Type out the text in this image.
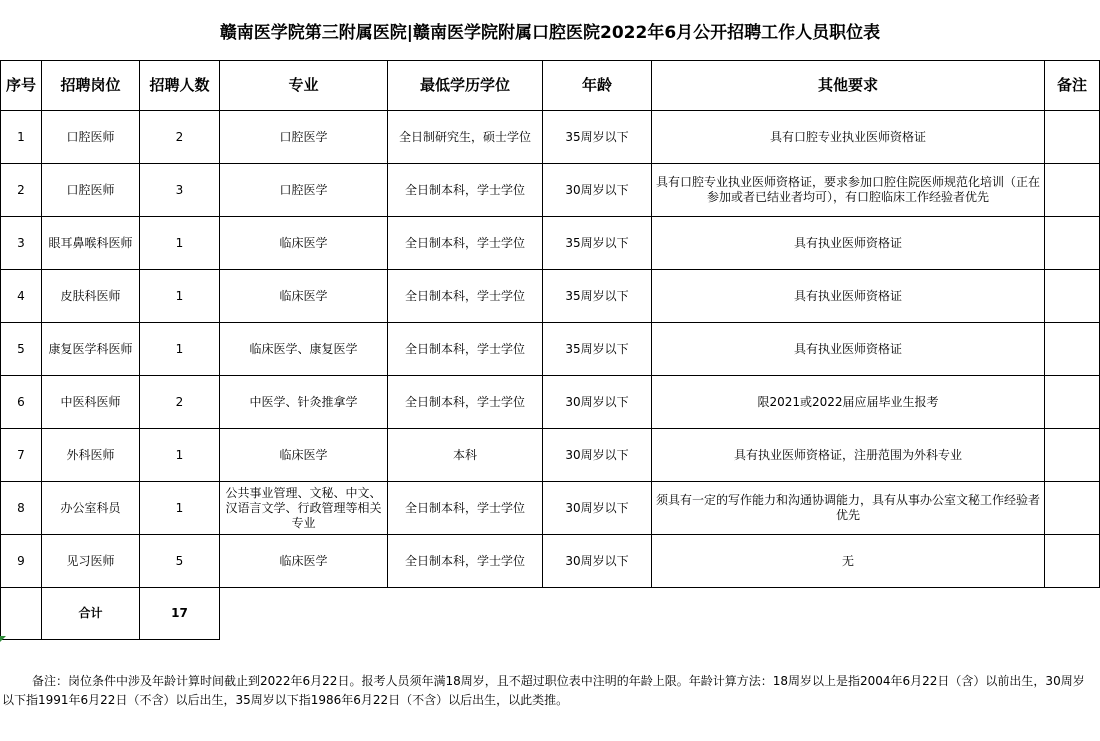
赣南医学院第三附属医院|赣南医学院附属口腔医院2022年6月公开招聘工作人员职位表
序号	招聘岗位	招聘人数	专业	最低学历学位	年龄	其他要求	备注
1	口腔医师	2	口腔医学	全日制研究生，硕士学位	35周岁以下	具有口腔专业执业医师资格证	
2	口腔医师	3	口腔医学	全日制本科，学士学位	30周岁以下	具有口腔专业执业医师资格证，要求参加口腔住院医师规范化培训（正在参加或者已结业者均可），有口腔临床工作经验者优先	
3	眼耳鼻喉科医师	1	临床医学	全日制本科，学士学位	35周岁以下	具有执业医师资格证	
4	皮肤科医师	1	临床医学	全日制本科，学士学位	35周岁以下	具有执业医师资格证	
5	康复医学科医师	1	临床医学、康复医学	全日制本科，学士学位	35周岁以下	具有执业医师资格证	
6	中医科医师	2	中医学、针灸推拿学	全日制本科，学士学位	30周岁以下	限2021或2022届应届毕业生报考	
7	外科医师	1	临床医学	本科	30周岁以下	具有执业医师资格证，注册范围为外科专业	
8	办公室科员	1	公共事业管理、文秘、中文、汉语言文学、行政管理等相关专业	全日制本科，学士学位	30周岁以下	须具有一定的写作能力和沟通协调能力，具有从事办公室文秘工作经验者优先	
9	见习医师	5	临床医学	全日制本科，学士学位	30周岁以下	无	
	合计	17					
备注：岗位条件中涉及年龄计算时间截止到2022年6月22日。报考人员须年满18周岁，且不超过职位表中注明的年龄上限。年龄计算方法：18周岁以上是指2004年6月22日（含）以前出生，30周岁以下指1991年6月22日（不含）以后出生，35周岁以下指1986年6月22日（不含）以后出生，以此类推。
